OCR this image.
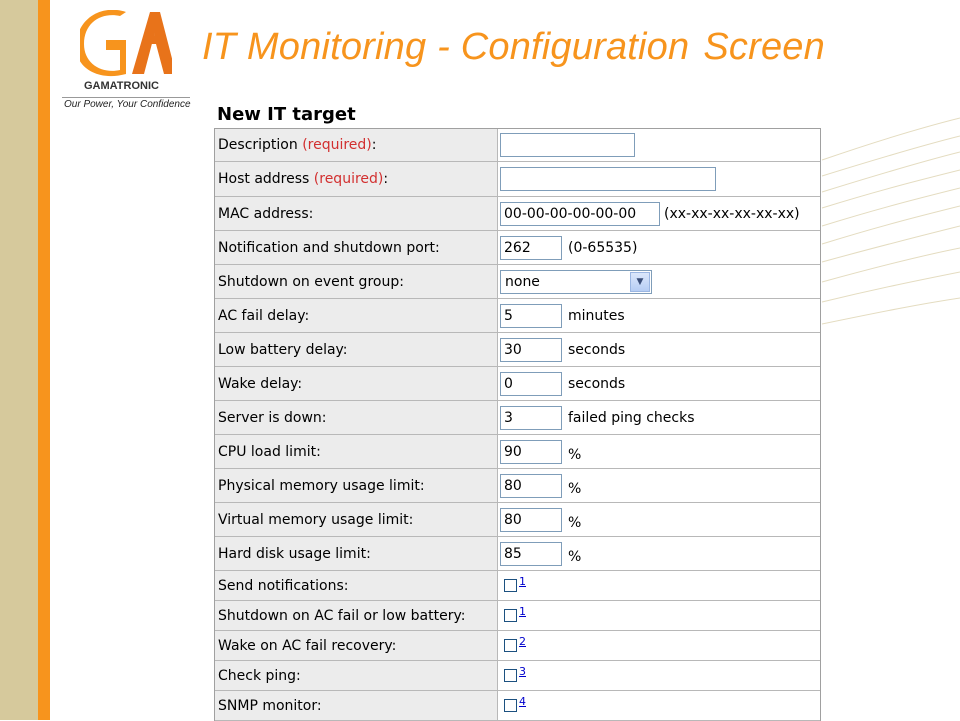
GAMATRONIC
Our Power, Your Confidence
IT Monitoring - Configuration Screen
New IT target
Description (required) :
Host address (required) :
MAC address:
00-00-00-00-00-00	(xx-xx-xx-xx-xx-xx)
Notification and shutdown port:
262	(0-65535)
Shutdown on event group:	none	▼
AC fail delay:
5	minutes
Low battery delay:
30	seconds
Wake delay:
0	seconds
Server is down:
3	failed ping checks
CPU load limit:
90	%
Physical memory usage limit:
80	%
Virtual memory usage limit:
80	%
Hard disk usage limit:
85	%
Send notifications:	1
Shutdown on AC fail or low battery:	1
Wake on AC fail recovery:	2
Check ping:	3
SNMP monitor:	4
